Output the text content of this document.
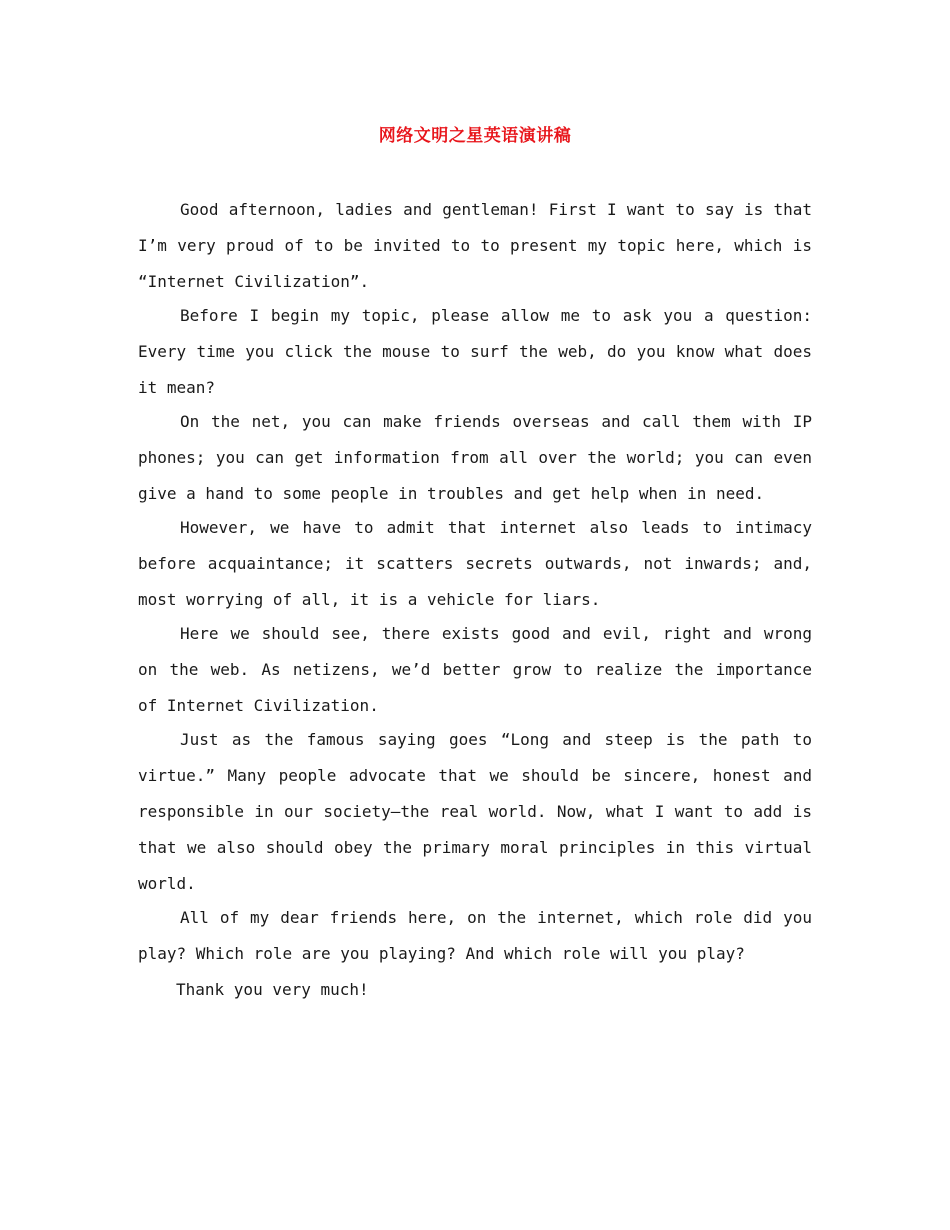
网络文明之星英语演讲稿

Good afternoon, ladies and gentleman! First I want to say is that I’m very proud of to be invited to to present my topic here, which is “Internet Civilization”.

Before I begin my topic, please allow me to ask you a question: Every time you click the mouse to surf the web, do you know what does it mean?

On the net, you can make friends overseas and call them with IP phones; you can get information from all over the world; you can even give a hand to some people in troubles and get help when in need.

However, we have to admit that internet also leads to intimacy before acquaintance; it scatters secrets outwards, not inwards; and, most worrying of all, it is a vehicle for liars.

Here we should see, there exists good and evil, right and wrong on the web. As netizens, we’d better grow to realize the importance of Internet Civilization.

Just as the famous saying goes “Long and steep is the path to virtue.” Many people advocate that we should be sincere, honest and responsible in our society—the real world. Now, what I want to add is that we also should obey the primary moral principles in this virtual world.

All of my dear friends here, on the internet, which role did you play? Which role are you playing? And which role will you play?

Thank you very much!
